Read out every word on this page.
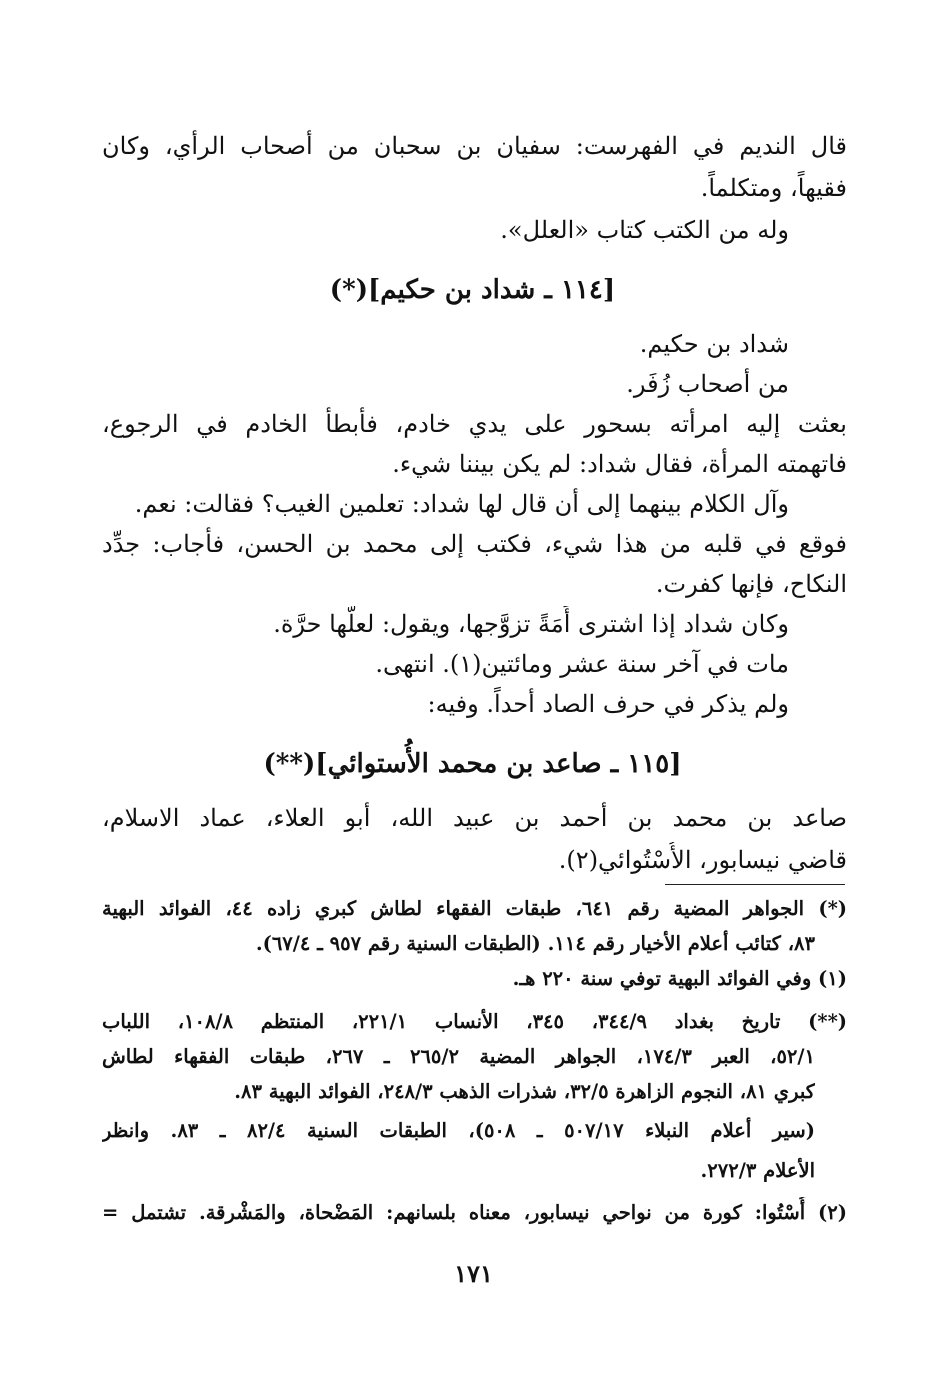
قال النديم في الفهرست: سفيان بن سحبان من أصحاب الرأي، وكان
فقيهاً، ومتكلماً.
وله من الكتب كتاب «العلل».
[١١٤ ـ شداد بن حكيم](*)
شداد بن حكيم.
من أصحاب زُفَر.
بعثت إليه امرأته بسحور على يدي خادم، فأبطأ الخادم في الرجوع،
فاتهمته المرأة، فقال شداد: لم يكن بيننا شيء.
وآل الكلام بينهما إلى أن قال لها شداد: تعلمين الغيب؟ فقالت: نعم.
فوقع في قلبه من هذا شيء، فكتب إلى محمد بن الحسن، فأجاب: جدِّد
النكاح، فإنها كفرت.
وكان شداد إذا اشترى أَمَةً تزوَّجها، ويقول: لعلَّها حرَّة.
مات في آخر سنة عشر ومائتين(١). انتهى.
ولم يذكر في حرف الصاد أحداً. وفيه:
[١١٥ ـ صاعد بن محمد الأُستوائي](**)
صاعد بن محمد بن أحمد بن عبيد الله، أبو العلاء، عماد الاسلام،
قاضي نيسابور، الأُسْتُوائي(٢).
(*) الجواهر المضية رقم ٦٤١، طبقات الفقهاء لطاش كبري زاده ٤٤، الفوائد البهية
٨٣، كتائب أعلام الأخيار رقم ١١٤. (الطبقات السنية رقم ٩٥٧ ـ ٦٧/٤).
(١) وفي الفوائد البهية توفي سنة ٢٢٠ هـ.
(**) تاريخ بغداد ٣٤٤/٩، ٣٤٥، الأنساب ٢٢١/١، المنتظم ١٠٨/٨، اللباب
٥٢/١، العبر ١٧٤/٣، الجواهر المضية ٢٦٥/٢ ـ ٢٦٧، طبقات الفقهاء لطاش
كبري ٨١، النجوم الزاهرة ٣٢/٥، شذرات الذهب ٢٤٨/٣، الفوائد البهية ٨٣.
(سير أعلام النبلاء ٥٠٧/١٧ ـ ٥٠٨)، الطبقات السنية ٨٢/٤ ـ ٨٣. وانظر
الأعلام ٢٧٢/٣.
(٢) أُسْتُوا: كورة من نواحي نيسابور، معناه بلسانهم: المَضْحاة، والمَشْرقة. تشتمل =
١٧١
